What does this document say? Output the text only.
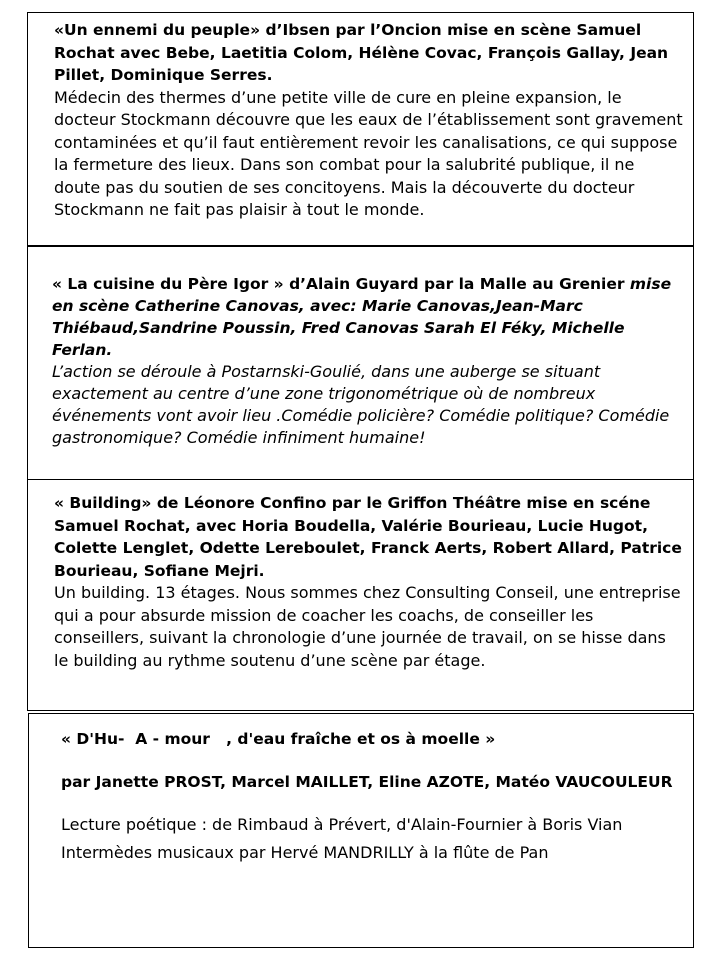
«Un ennemi du peuple» d’Ibsen par l’Oncion mise en scène Samuel Rochat avec Bebe, Laetitia Colom, Hélène Covac, François Gallay, Jean Pillet, Dominique Serres.

Médecin des thermes d’une petite ville de cure en pleine expansion, le docteur Stockmann découvre que les eaux de l’établissement sont gravement contaminées et qu’il faut entièrement revoir les canalisations, ce qui suppose la fermeture des lieux. Dans son combat pour la salubrité publique, il ne doute pas du soutien de ses concitoyens. Mais la découverte du docteur Stockmann ne fait pas plaisir à tout le monde.

« La cuisine du Père Igor » d’Alain Guyard par la Malle au Grenier mise en scène Catherine Canovas, avec: Marie Canovas,Jean-Marc Thiébaud,Sandrine Poussin, Fred Canovas Sarah El Féky, Michelle Ferlan.

L’action se déroule à Postarnski-Goulié, dans une auberge se situant exactement au centre d’une zone trigonométrique où de nombreux événements vont avoir lieu .Comédie policière? Comédie politique? Comédie gastronomique? Comédie infiniment humaine!

« Building» de Léonore Confino par le Griffon Théâtre mise en scéne Samuel Rochat, avec Horia Boudella, Valérie Bourieau, Lucie Hugot, Colette Lenglet, Odette Lereboulet, Franck Aerts, Robert Allard, Patrice Bourieau, Sofiane Mejri.

Un building. 13 étages. Nous sommes chez Consulting Conseil, une entreprise qui a pour absurde mission de coacher les coachs, de conseiller les conseillers, suivant la chronologie d’une journée de travail, on se hisse dans le building au rythme soutenu d’une scène par étage.

« D'Hu-  A - mour   , d'eau fraîche et os à moelle »

par Janette PROST, Marcel MAILLET, Eline AZOTE, Matéo VAUCOULEUR

Lecture poétique : de Rimbaud à Prévert, d'Alain-Fournier à Boris Vian

Intermèdes musicaux par Hervé MANDRILLY à la flûte de Pan
